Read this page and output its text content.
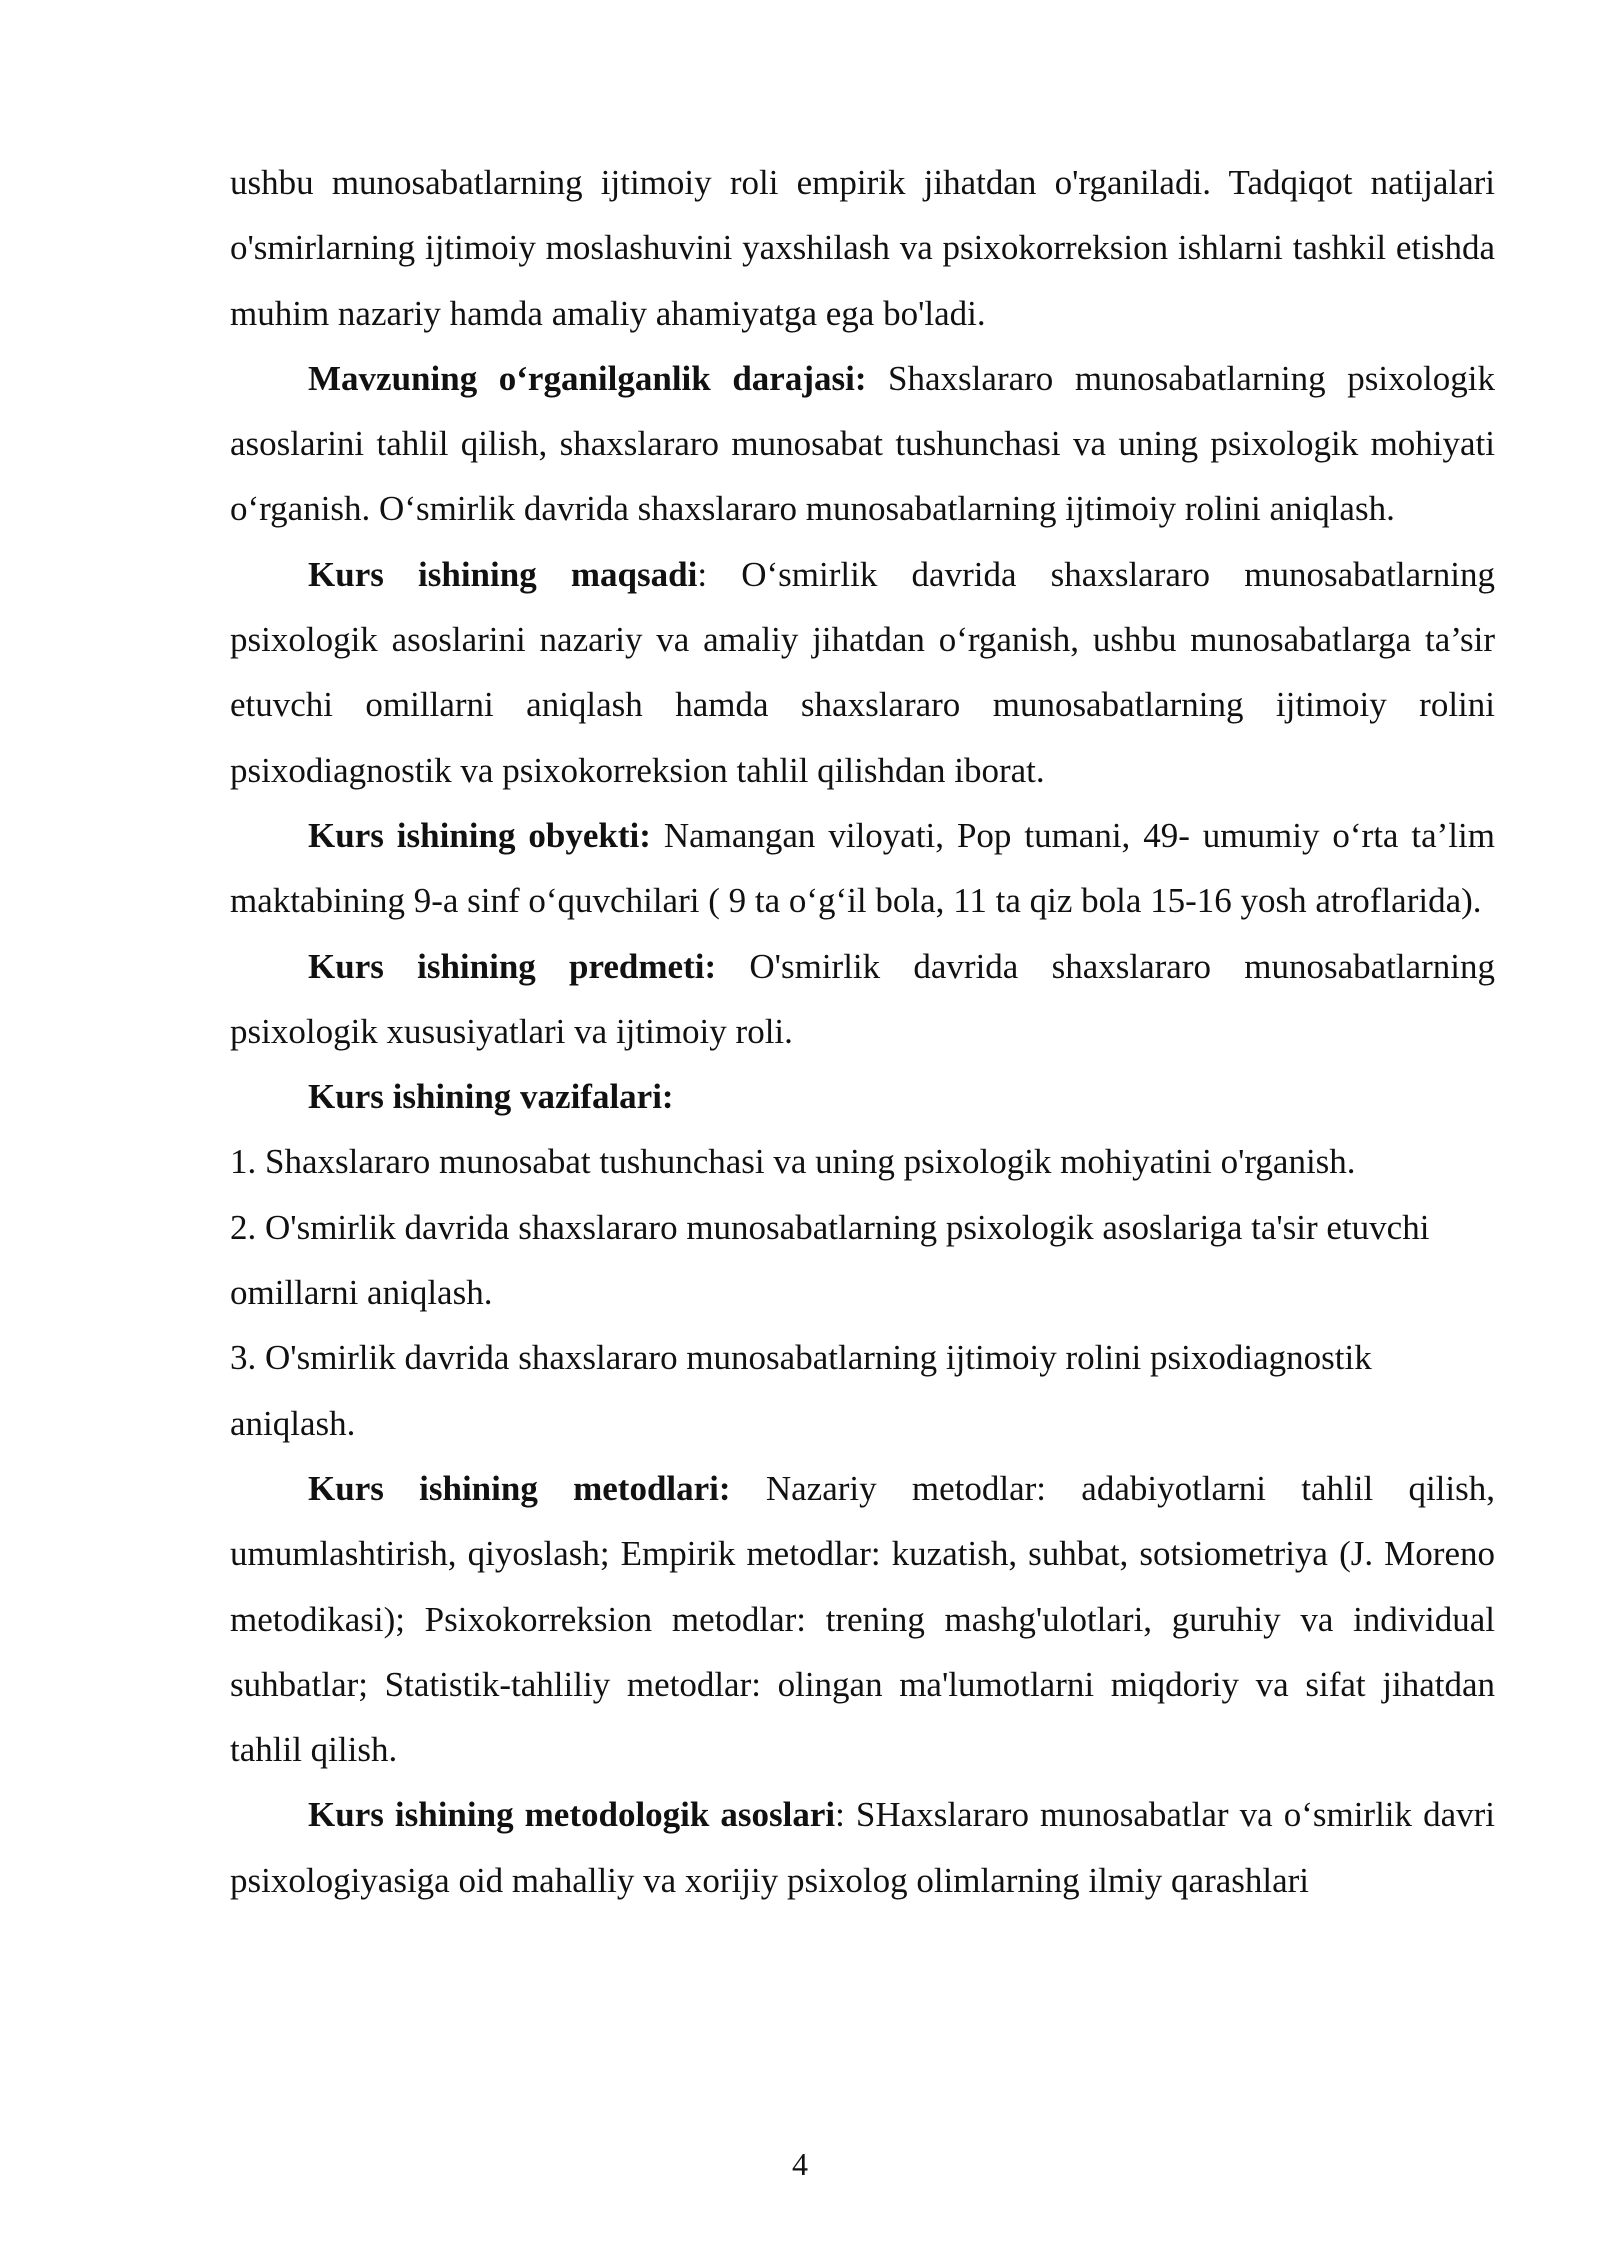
ushbu munosabatlarning ijtimoiy roli empirik jihatdan o'rganiladi. Tadqiqot natijalari o'smirlarning ijtimoiy moslashuvini yaxshilash va psixokorreksion ishlarni tashkil etishda muhim nazariy hamda amaliy ahamiyatga ega bo'ladi.

Mavzuning o‘rganilganlik darajasi: Shaxslararo munosabatlarning psixologik asoslarini tahlil qilish, shaxslararo munosabat tushunchasi va uning psixologik mohiyati o‘rganish. O‘smirlik davrida shaxslararo munosabatlarning ijtimoiy rolini aniqlash.

Kurs ishining maqsadi: O‘smirlik davrida shaxslararo munosabatlarning psixologik asoslarini nazariy va amaliy jihatdan o‘rganish, ushbu munosabatlarga ta’sir etuvchi omillarni aniqlash hamda shaxslararo munosabatlarning ijtimoiy rolini psixodiagnostik va psixokorreksion tahlil qilishdan iborat.

Kurs ishining obyekti: Namangan viloyati, Pop tumani, 49- umumiy o‘rta ta’lim maktabining 9-a sinf o‘quvchilari ( 9 ta o‘g‘il bola, 11 ta qiz bola 15-16 yosh atroflarida).

Kurs ishining predmeti: O'smirlik davrida shaxslararo munosabatlarning psixologik xususiyatlari va ijtimoiy roli.

Kurs ishining vazifalari:

1. Shaxslararo munosabat tushunchasi va uning psixologik mohiyatini o'rganish.

2. O'smirlik davrida shaxslararo munosabatlarning psixologik asoslariga ta'sir etuvchi omillarni aniqlash.

3. O'smirlik davrida shaxslararo munosabatlarning ijtimoiy rolini psixodiagnostik aniqlash.

Kurs ishining metodlari: Nazariy metodlar: adabiyotlarni tahlil qilish, umumlashtirish, qiyoslash; Empirik metodlar: kuzatish, suhbat, sotsiometriya (J. Moreno metodikasi); Psixokorreksion metodlar: trening mashg'ulotlari, guruhiy va individual suhbatlar; Statistik-tahliliy metodlar: olingan ma'lumotlarni miqdoriy va sifat jihatdan tahlil qilish.

Kurs ishining metodologik asoslari: SHaxslararo munosabatlar va o‘smirlik davri psixologiyasiga oid mahalliy va xorijiy psixolog olimlarning ilmiy qarashlari

4
